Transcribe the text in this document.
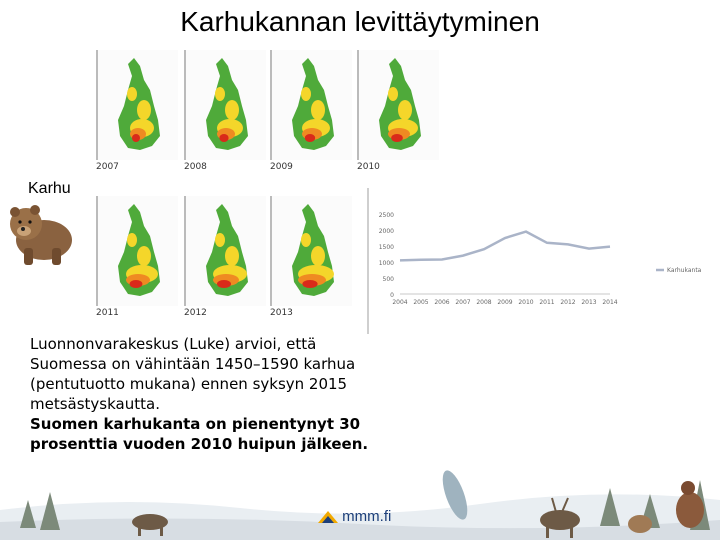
Karhukannan levittäytyminen
2007	2008	2009	2010
Karhu
2011	2012	2013
0
500
1000
1500
2000
2500
2004 2005 2006 2007 2008 2009 2010 2011 2012 2013 2014
Karhukanta
Luonnonvarakeskus (Luke) arvioi, että Suomessa on vähintään 1450–1590 karhua (pentutuotto mukana) ennen syksyn 2015 metsästyskautta.
Suomen karhukanta on pienentynyt 30 prosenttia vuoden 2010 huipun jälkeen.
mmm.fi
